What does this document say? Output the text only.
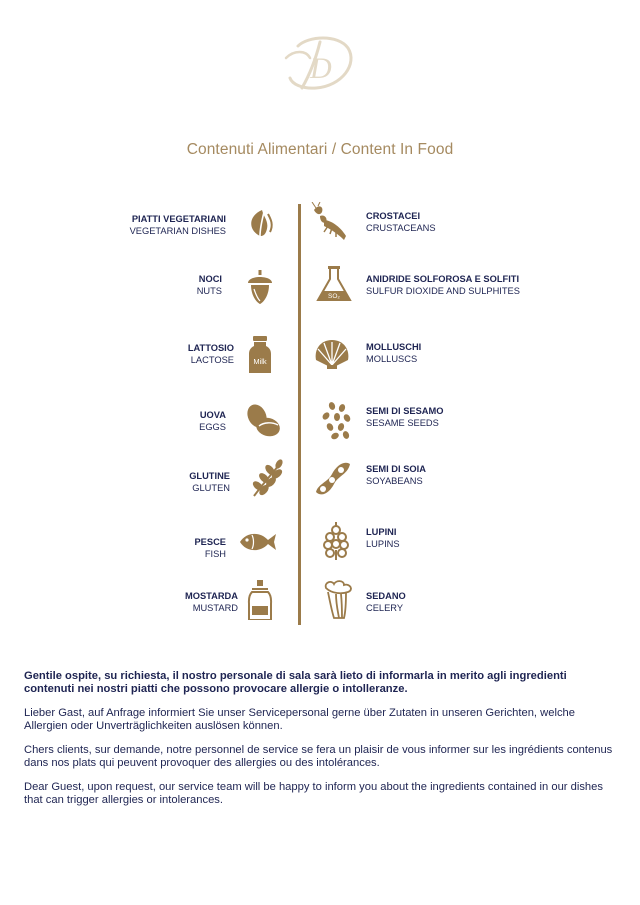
D
Contenuti Alimentari / Content In Food
PIATTI VEGETARIANI
VEGETARIAN DISHES
NOCI
NUTS
LATTOSIO
LACTOSE	Milk
UOVA
EGGS
GLUTINE
GLUTEN
PESCE
FISH
MOSTARDA
MUSTARD
CROSTACEI
CRUSTACEANS
SO₂
ANIDRIDE SOLFOROSA E SOLFITI
SULFUR DIOXIDE AND SULPHITES
MOLLUSCHI
MOLLUSCS
SEMI DI SESAMO
SESAME SEEDS
SEMI DI SOIA
SOYABEANS
LUPINI
LUPINS
SEDANO
CELERY

Gentile ospite, su richiesta, il nostro personale di sala sarà lieto di informarla in merito agli ingredienti contenuti nei nostri piatti che possono provocare allergie o intolleranze.

Lieber Gast, auf Anfrage informiert Sie unser Servicepersonal gerne über Zutaten in unseren Gerichten, welche Allergien oder Unverträglichkeiten auslösen können.

Chers clients, sur demande, notre personnel de service se fera un plaisir de vous informer sur les ingrédients contenus dans nos plats qui peuvent provoquer des allergies ou des intolérances.

Dear Guest, upon request, our service team will be happy to inform you about the ingredients contained in our dishes that can trigger allergies or intolerances.
